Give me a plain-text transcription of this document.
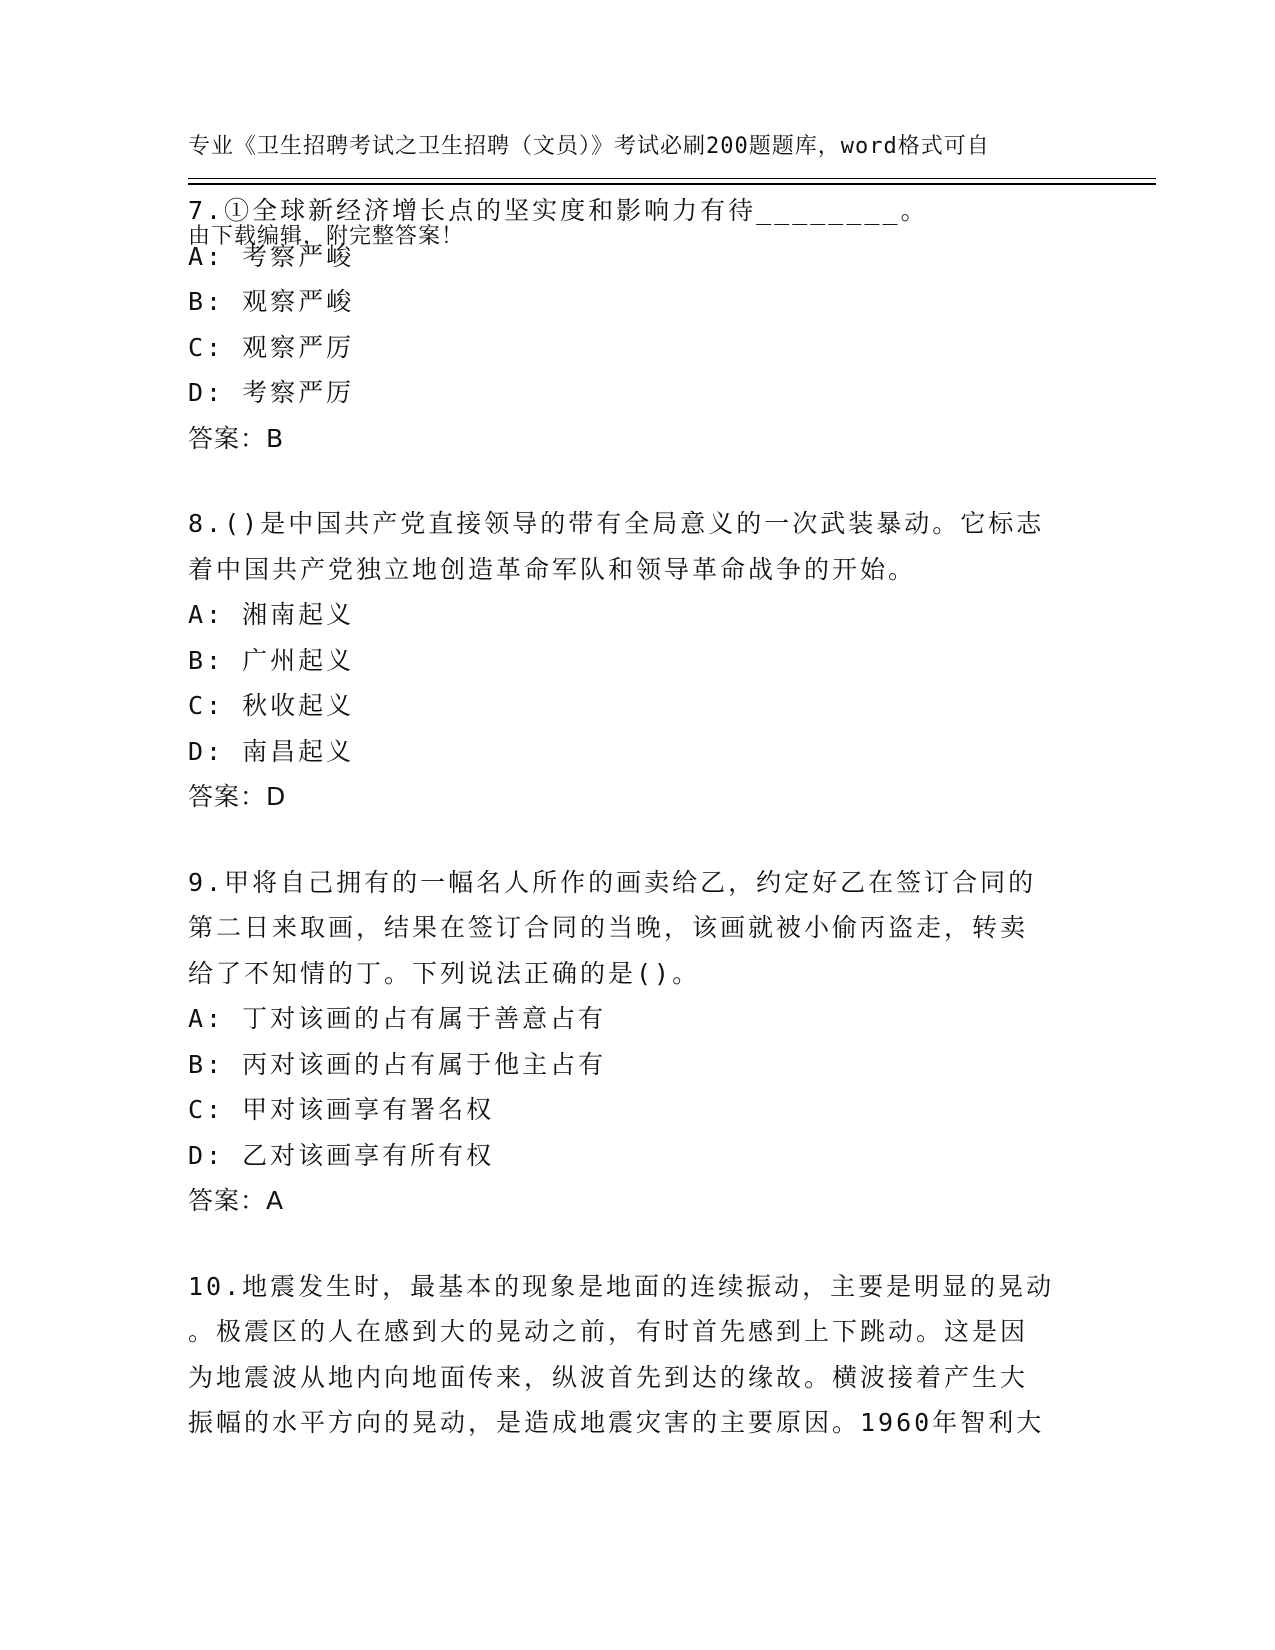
专业《卫生招聘考试之卫生招聘（文员）》考试必刷200题题库，word格式可自

由下载编辑，附完整答案！

7.①全球新经济增长点的坚实度和影响力有待________。
A: 考察严峻
B: 观察严峻
C: 观察严厉
D: 考察严厉
答案：B
8.()是中国共产党直接领导的带有全局意义的一次武装暴动。它标志
着中国共产党独立地创造革命军队和领导革命战争的开始。
A: 湘南起义
B: 广州起义
C: 秋收起义
D: 南昌起义
答案：D
9.甲将自己拥有的一幅名人所作的画卖给乙，约定好乙在签订合同的
第二日来取画，结果在签订合同的当晚，该画就被小偷丙盗走，转卖
给了不知情的丁。下列说法正确的是()。
A: 丁对该画的占有属于善意占有
B: 丙对该画的占有属于他主占有
C: 甲对该画享有署名权
D: 乙对该画享有所有权
答案：A
10.地震发生时，最基本的现象是地面的连续振动，主要是明显的晃动
。极震区的人在感到大的晃动之前，有时首先感到上下跳动。这是因
为地震波从地内向地面传来，纵波首先到达的缘故。横波接着产生大
振幅的水平方向的晃动，是造成地震灾害的主要原因。1960年智利大
